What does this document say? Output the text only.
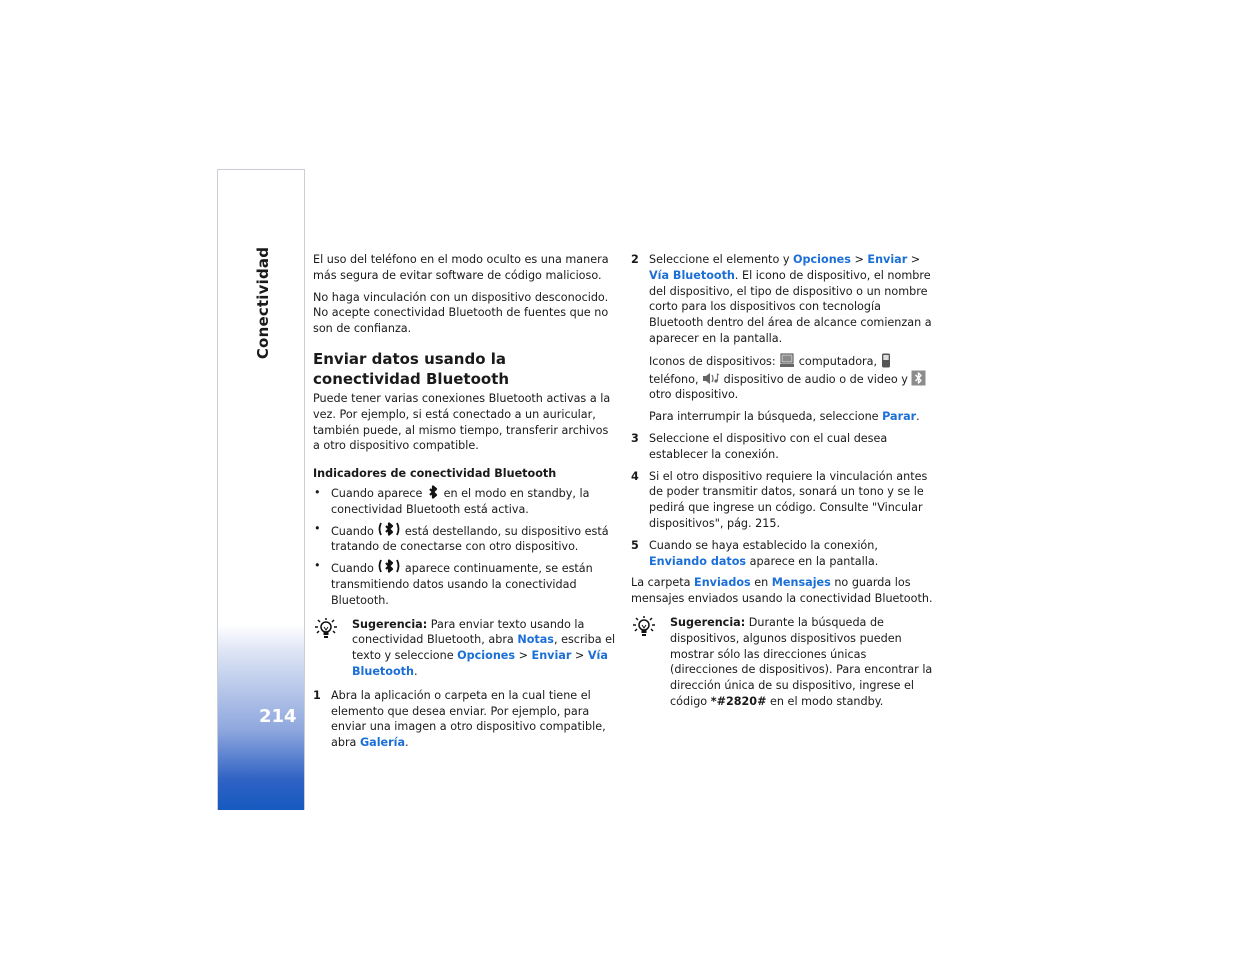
Conectividad
214

El uso del teléfono en el modo oculto es una manera más segura de evitar software de código malicioso.

No haga vinculación con un dispositivo desconocido. No acepte conectividad Bluetooth de fuentes que no son de confianza.

Enviar datos usando la conectividad Bluetooth

Puede tener varias conexiones Bluetooth activas a la vez. Por ejemplo, si está conectado a un auricular, también puede, al mismo tiempo, transferir archivos a otro dispositivo compatible.

Indicadores de conectividad Bluetooth
• Cuando aparece en el modo en standby, la conectividad Bluetooth está activa.
• Cuando	está destellando, su dispositivo está tratando de conectarse con otro dispositivo.
• Cuando	aparece continuamente, se están transmitiendo datos usando la conectividad Bluetooth.
Sugerencia: Para enviar texto usando la conectividad Bluetooth, abra Notas, escriba el texto y seleccione Opciones > Enviar > Vía Bluetooth.
1 Abra la aplicación o carpeta en la cual tiene el elemento que desea enviar. Por ejemplo, para enviar una imagen a otro dispositivo compatible, abra Galería.
2 Seleccione el elemento y Opciones > Enviar > Vía Bluetooth. El icono de dispositivo, el nombre del dispositivo, el tipo de dispositivo o un nombre corto para los dispositivos con tecnología Bluetooth dentro del área de alcance comienzan a aparecer en la pantalla.
Iconos de dispositivos: computadora,  teléfono, dispositivo de audio o de video y  otro dispositivo.
Para interrumpir la búsqueda, seleccione Parar.
3 Seleccione el dispositivo con el cual desea establecer la conexión.
4 Si el otro dispositivo requiere la vinculación antes de poder transmitir datos, sonará un tono y se le pedirá que ingrese un código. Consulte "Vincular dispositivos", pág. 215.
5 Cuando se haya establecido la conexión, Enviando datos aparece en la pantalla.

La carpeta Enviados en Mensajes no guarda los mensajes enviados usando la conectividad Bluetooth.

Sugerencia: Durante la búsqueda de dispositivos, algunos dispositivos pueden mostrar sólo las direcciones únicas (direcciones de dispositivos). Para encontrar la dirección única de su dispositivo, ingrese el código *#2820# en el modo standby.
